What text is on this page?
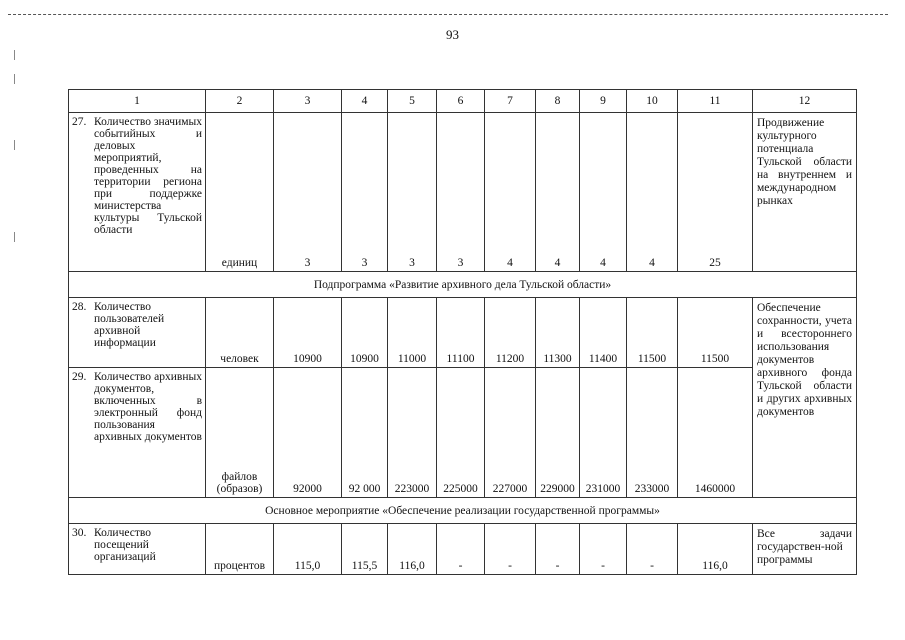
93
1	2	3	4	5	6	7	8	9	10	11	12

27. Количество значимых событийных и деловых мероприятий, проведенных на территории региона при поддержке министерства культуры Тульской области	единиц	3	3	3	3	4	4	4	4	25	Продвижение культурного потенциала Тульской области на внутреннем и международном рынках
Подпрограмма «Развитие архивного дела Тульской области»											

28. Количество пользователей архивной информации	человек	10900	10900	11000	11100	11200	11300	11400	11500	11500	Обеспечение сохранности, учета и всестороннего использования документов архивного фонда Тульской области и других архивных документов

29. Количество архивных документов, включенных в электронный фонд пользования архивных документов	файлов (образов)	92000	92 000	223000	225000	227000	229000	231000	233000	1460000	
Основное мероприятие «Обеспечение реализации государственной программы»											

30. Количество посещений организаций	процентов	115,0	115,5	116,0	-	-	-	-	-	116,0	Все задачи государствен-ной программы
